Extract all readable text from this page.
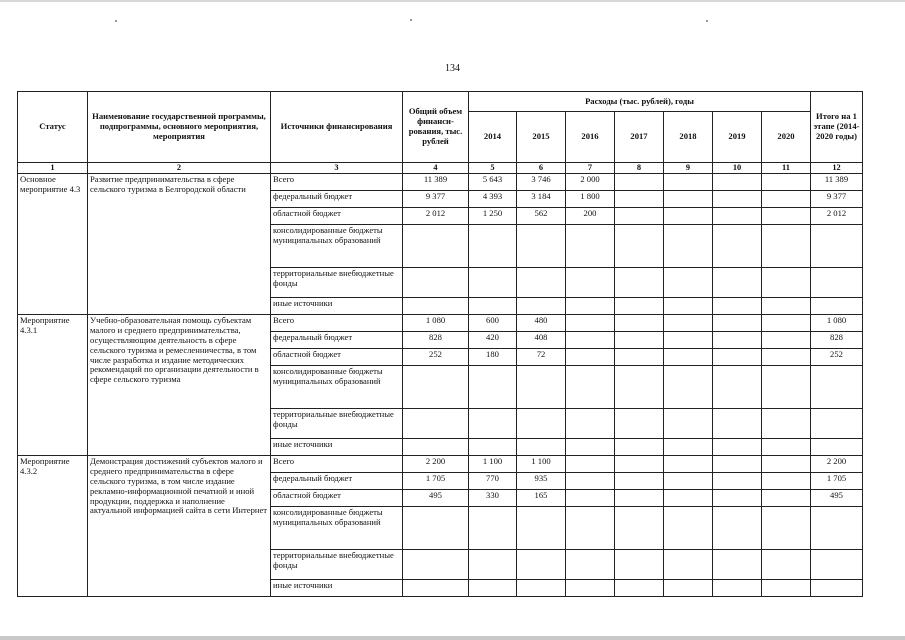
134
Статус	Наименование государственной программы, подпрограммы, основного мероприятия, мероприятия	Источники финансирования	Общий объем финанси-рования, тыс. рублей	Расходы (тыс. рублей), годы							Итого на 1 этапе (2014-2020 годы)
				2014	2015	2016	2017	2018	2019	2020	
1	2	3	4	5	6	7	8	9	10	11	12
Основное мероприятие 4.3	Развитие предпринимательства в сфере сельского туризма в Белгородской области	Всего	11 389	5 643	3 746	2 000					11 389
		федеральный бюджет	9 377	4 393	3 184	1 800					9 377
		областной бюджет	2 012	1 250	562	200					2 012
		консолидированные бюджеты муниципальных образований									
		территориальные внебюджетные фонды									
		иные источники									
Мероприятие 4.3.1	Учебно-образовательная помощь субъектам малого и среднего предпринимательства, осуществляющим деятельность в сфере сельского туризма и ремесленничества, в том числе разработка и издание методических рекомендаций по организации деятельности в сфере сельского туризма	Всего	1 080	600	480						1 080
		федеральный бюджет	828	420	408						828
		областной бюджет	252	180	72						252
		консолидированные бюджеты муниципальных образований									
		территориальные внебюджетные фонды									
		иные источники									
Мероприятие 4.3.2	Демонстрация достижений субъектов малого и среднего предпринимательства в сфере сельского туризма, в том числе издание рекламно-информационной печатной и иной продукции, поддержка и наполнение актуальной информацией сайта в сети Интернет	Всего	2 200	1 100	1 100						2 200
		федеральный бюджет	1 705	770	935						1 705
		областной бюджет	495	330	165						495
		консолидированные бюджеты муниципальных образований									
		территориальные внебюджетные фонды									
		иные источники									
